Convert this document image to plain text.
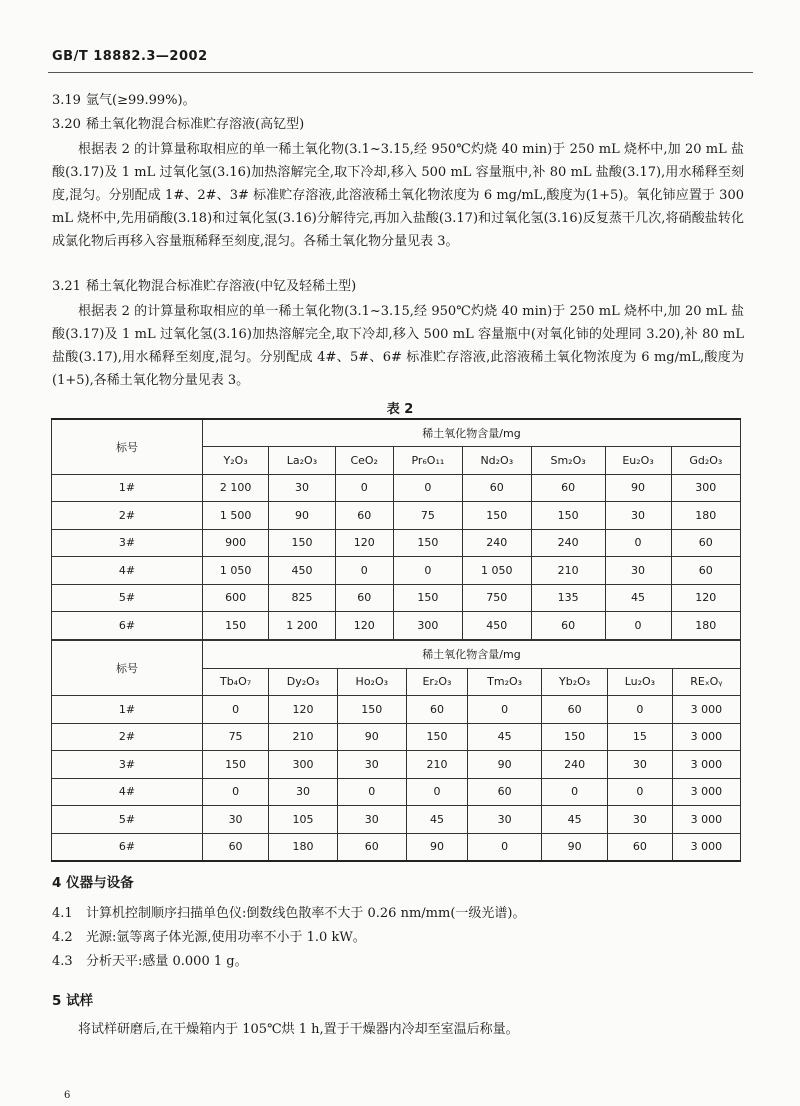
GB/T 18882.3—2002
3.19 氩气(≥99.99%)。
3.20 稀土氧化物混合标准贮存溶液(高钇型)
根据表 2 的计算量称取相应的单一稀土氧化物(3.1~3.15,经 950℃灼烧 40 min)于 250 mL 烧杯中,加 20 mL 盐酸(3.17)及 1 mL 过氧化氢(3.16)加热溶解完全,取下冷却,移入 500 mL 容量瓶中,补 80 mL 盐酸(3.17),用水稀释至刻度,混匀。分别配成 1#、2#、3# 标准贮存溶液,此溶液稀土氧化物浓度为 6 mg/mL,酸度为(1+5)。氧化铈应置于 300 mL 烧杯中,先用硝酸(3.18)和过氧化氢(3.16)分解待完,再加入盐酸(3.17)和过氧化氢(3.16)反复蒸干几次,将硝酸盐转化成氯化物后再移入容量瓶稀释至刻度,混匀。各稀土氧化物分量见表 3。
3.21 稀土氧化物混合标准贮存溶液(中钇及轻稀土型)
根据表 2 的计算量称取相应的单一稀土氧化物(3.1~3.15,经 950℃灼烧 40 min)于 250 mL 烧杯中,加 20 mL 盐酸(3.17)及 1 mL 过氧化氢(3.16)加热溶解完全,取下冷却,移入 500 mL 容量瓶中(对氧化铈的处理同 3.20),补 80 mL 盐酸(3.17),用水稀释至刻度,混匀。分别配成 4#、5#、6# 标准贮存溶液,此溶液稀土氧化物浓度为 6 mg/mL,酸度为(1+5),各稀土氧化物分量见表 3。
表 2
标号	稀土氧化物含量/mg							
	Y₂O₃	La₂O₃	CeO₂	Pr₆O₁₁	Nd₂O₃	Sm₂O₃	Eu₂O₃	Gd₂O₃
1#	2 100	30	0	0	60	60	90	300
2#	1 500	90	60	75	150	150	30	180
3#	900	150	120	150	240	240	0	60
4#	1 050	450	0	0	1 050	210	30	60
5#	600	825	60	150	750	135	45	120
6#	150	1 200	120	300	450	60	0	180
标号	稀土氧化物含量/mg							
	Tb₄O₇	Dy₂O₃	Ho₂O₃	Er₂O₃	Tm₂O₃	Yb₂O₃	Lu₂O₃	REₓOᵧ
1#	0	120	150	60	0	60	0	3 000
2#	75	210	90	150	45	150	15	3 000
3#	150	300	30	210	90	240	30	3 000
4#	0	30	0	0	60	0	0	3 000
5#	30	105	30	45	30	45	30	3 000
6#	60	180	60	90	0	90	60	3 000
4 仪器与设备
4.1 计算机控制顺序扫描单色仪:倒数线色散率不大于 0.26 nm/mm(一级光谱)。
4.2 光源:氩等离子体光源,使用功率不小于 1.0 kW。
4.3 分析天平:感量 0.000 1 g。
5 试样
将试样研磨后,在干燥箱内于 105℃烘 1 h,置于干燥器内冷却至室温后称量。
6
